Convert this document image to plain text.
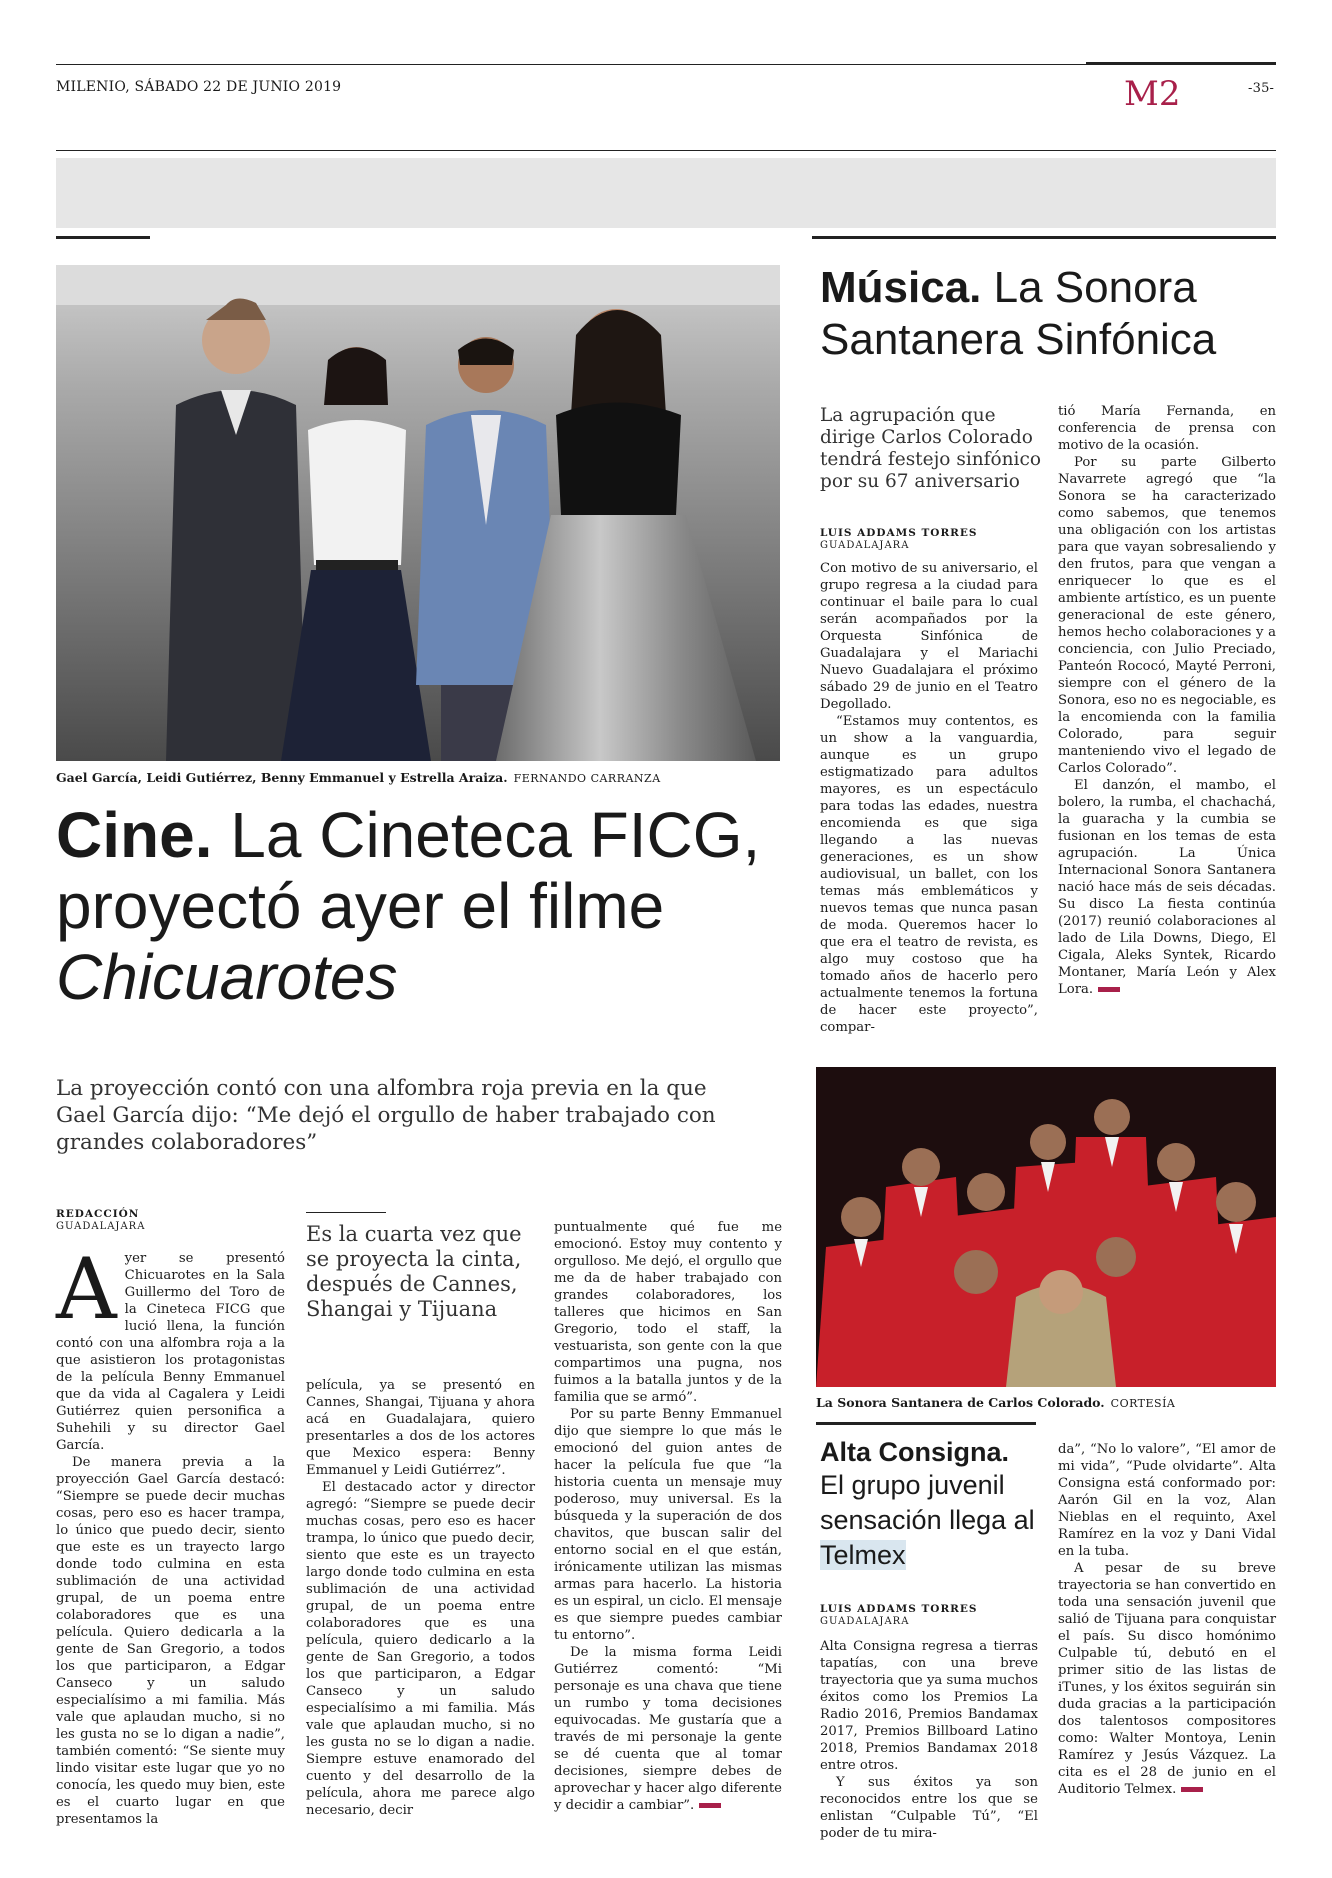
MILENIO, SÁBADO 22 DE JUNIO 2019	M2	-35-
Gael García, Leidi Gutiérrez, Benny Emmanuel y Estrella Araiza. FERNANDO CARRANZA
Cine. La Cineteca FICG, proyectó ayer el filme Chicuarotes
La proyección contó con una alfombra roja previa en la que Gael García dijo: “Me dejó el orgullo de haber trabajado con grandes colaboradores”
REDACCIÓN
GUADALAJARA

Ayer se presentó Chicuarotes en la Sala Guillermo del Toro de la Cineteca FICG que lució llena, la función contó con una alfombra roja a la que asistieron los protagonistas de la película Benny Emmanuel que da vida al Cagalera y Leidi Gutiérrez quien personifica a Suhehili y su director Gael García.

De manera previa a la proyección Gael García destacó: “Siempre se puede decir muchas cosas, pero eso es hacer trampa, lo único que puedo decir, siento que este es un trayecto largo donde todo culmina en esta sublimación de una actividad grupal, de un poema entre colaboradores que es una película. Quiero dedicarla a la gente de San Gregorio, a todos los que participaron, a Edgar Canseco y un saludo especialísimo a mi familia. Más vale que aplaudan mucho, si no les gusta no se lo digan a nadie”, también comentó: “Se siente muy lindo visitar este lugar que yo no conocía, les quedo muy bien, este es el cuarto lugar en que presentamos la

Es la cuarta vez que se proyecta la cinta, después de Cannes, Shangai y Tijuana

película, ya se presentó en Cannes, Shangai, Tijuana y ahora acá en Guadalajara, quiero presentarles a dos de los actores que Mexico espera: Benny Emmanuel y Leidi Gutiérrez”.

El destacado actor y director agregó: “Siempre se puede decir muchas cosas, pero eso es hacer trampa, lo único que puedo decir, siento que este es un trayecto largo donde todo culmina en esta sublimación de una actividad grupal, de un poema entre colaboradores que es una película, quiero dedicarlo a la gente de San Gregorio, a todos los que participaron, a Edgar Canseco y un saludo especialísimo a mi familia. Más vale que aplaudan mucho, si no les gusta no se lo digan a nadie. Siempre estuve enamorado del cuento y del desarrollo de la película, ahora me parece algo necesario, decir

puntualmente qué fue me emocionó. Estoy muy contento y orgulloso. Me dejó, el orgullo que me da de haber trabajado con grandes colaboradores, los talleres que hicimos en San Gregorio, todo el staff, la vestuarista, son gente con la que compartimos una pugna, nos fuimos a la batalla juntos y de la familia que se armó”.

Por su parte Benny Emmanuel dijo que siempre lo que más le emocionó del guion antes de hacer la película fue que “la historia cuenta un mensaje muy poderoso, muy universal. Es la búsqueda y la superación de dos chavitos, que buscan salir del entorno social en el que están, irónicamente utilizan las mismas armas para hacerlo. La historia es un espiral, un ciclo. El mensaje es que siempre puedes cambiar tu entorno”.

De la misma forma Leidi Gutiérrez comentó: “Mi personaje es una chava que tiene un rumbo y toma decisiones equivocadas. Me gustaría que a través de mi personaje la gente se dé cuenta que al tomar decisiones, siempre debes de aprovechar y hacer algo diferente y decidir a cambiar”.

Música. La Sonora Santanera Sinfónica
La agrupación que dirige Carlos Colorado tendrá festejo sinfónico por su 67 aniversario
LUIS ADDAMS TORRES
GUADALAJARA

Con motivo de su aniversario, el grupo regresa a la ciudad para continuar el baile para lo cual serán acompañados por la Orquesta Sinfónica de Guadalajara y el Mariachi Nuevo Guadalajara el próximo sábado 29 de junio en el Teatro Degollado.

“Estamos muy contentos, es un show a la vanguardia, aunque es un grupo estigmatizado para adultos mayores, es un espectáculo para todas las edades, nuestra encomienda es que siga llegando a las nuevas generaciones, es un show audiovisual, un ballet, con los temas más emblemáticos y nuevos temas que nunca pasan de moda. Queremos hacer lo que era el teatro de revista, es algo muy costoso que ha tomado años de hacerlo pero actualmente tenemos la fortuna de hacer este proyecto”, compar-

tió María Fernanda, en conferencia de prensa con motivo de la ocasión.

Por su parte Gilberto Navarrete agregó que “la Sonora se ha caracterizado como sabemos, que tenemos una obligación con los artistas para que vayan sobresaliendo y den frutos, para que vengan a enriquecer lo que es el ambiente artístico, es un puente generacional de este género, hemos hecho colaboraciones y a conciencia, con Julio Preciado, Panteón Rococó, Mayté Perroni, siempre con el género de la Sonora, eso no es negociable, es la encomienda con la familia Colorado, para seguir manteniendo vivo el legado de Carlos Colorado”.

El danzón, el mambo, el bolero, la rumba, el chachachá, la guaracha y la cumbia se fusionan en los temas de esta agrupación. La Única Internacional Sonora Santanera nació hace más de seis décadas. Su disco La fiesta continúa (2017) reunió colaboraciones al lado de Lila Downs, Diego, El Cigala, Aleks Syntek, Ricardo Montaner, María León y Alex Lora.

La Sonora Santanera de Carlos Colorado. CORTESÍA
Alta Consigna.
El grupo juvenil sensación llega al Telmex
LUIS ADDAMS TORRES
GUADALAJARA

Alta Consigna regresa a tierras tapatías, con una breve trayectoria que ya suma muchos éxitos como los Premios La Radio 2016, Premios Bandamax 2017, Premios Billboard Latino 2018, Premios Bandamax 2018 entre otros.

Y sus éxitos ya son reconocidos entre los que se enlistan “Culpable Tú”, “El poder de tu mira-

da”, “No lo valore”, “El amor de mi vida”, “Pude olvidarte”. Alta Consigna está conformado por: Aarón Gil en la voz, Alan Nieblas en el requinto, Axel Ramírez en la voz y Dani Vidal en la tuba.

A pesar de su breve trayectoria se han convertido en toda una sensación juvenil que salió de Tijuana para conquistar el país. Su disco homónimo Culpable tú, debutó en el primer sitio de las listas de iTunes, y los éxitos seguirán sin duda gracias a la participación dos talentosos compositores como: Walter Montoya, Lenin Ramírez y Jesús Vázquez. La cita es el 28 de junio en el Auditorio Telmex.
